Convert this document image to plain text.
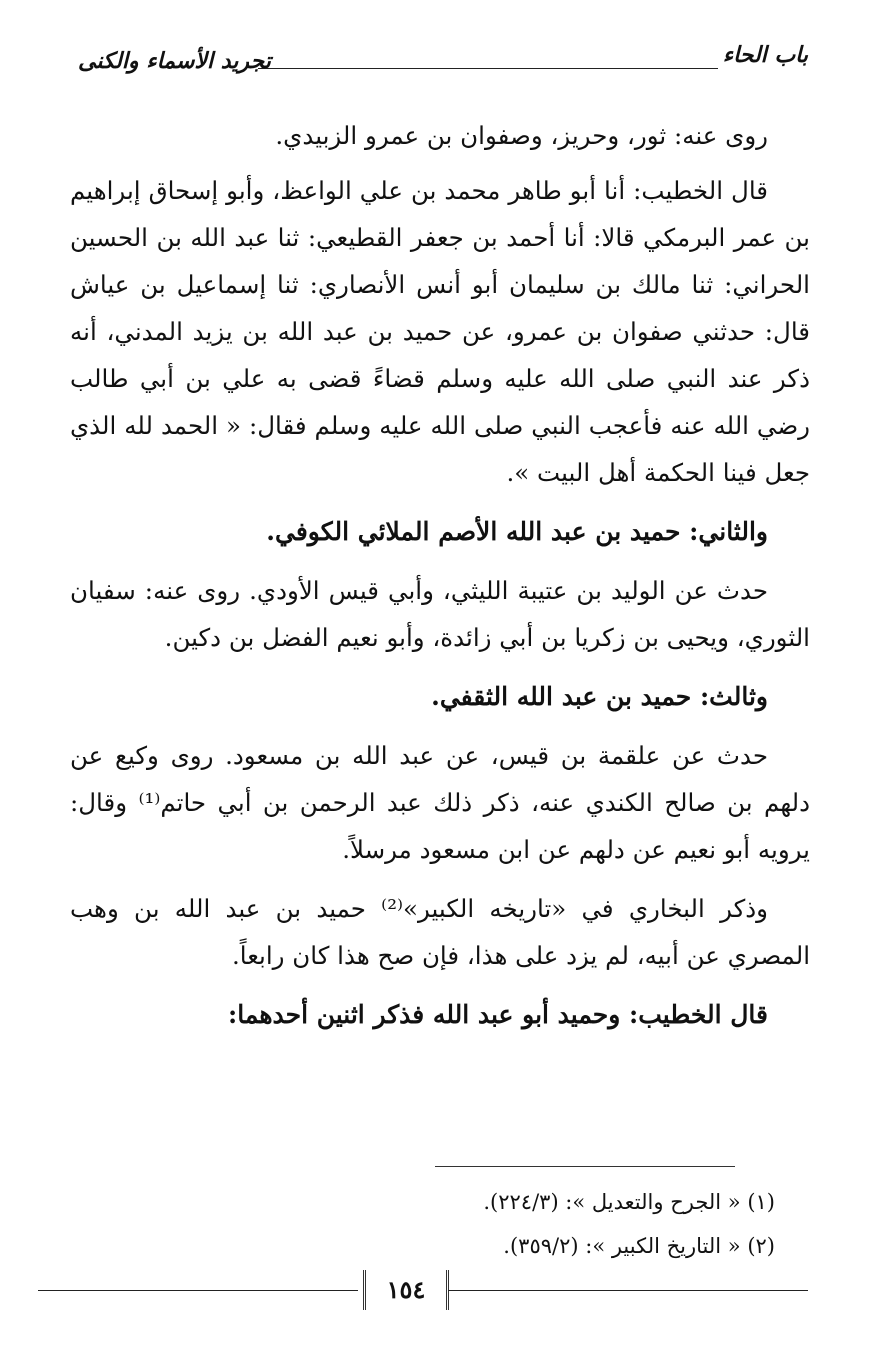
باب الحاء
تجريد الأسماء والكنى

روى عنه: ثور، وحريز، وصفوان بن عمرو الزبيدي.

قال الخطيب: أنا أبو طاهر محمد بن علي الواعظ، وأبو إسحاق إبراهيم بن عمر البرمكي قالا: أنا أحمد بن جعفر القطيعي: ثنا عبد الله بن الحسين الحراني: ثنا مالك بن سليمان أبو أنس الأنصاري: ثنا إسماعيل بن عياش قال: حدثني صفوان بن عمرو، عن حميد بن عبد الله بن يزيد المدني، أنه ذكر عند النبي صلى الله عليه وسلم قضاءً قضى به علي بن أبي طالب رضي الله عنه فأعجب النبي صلى الله عليه وسلم فقال: « الحمد لله الذي جعل فينا الحكمة أهل البيت ».

والثاني: حميد بن عبد الله الأصم الملائي الكوفي.

حدث عن الوليد بن عتيبة الليثي، وأبي قيس الأودي. روى عنه: سفيان الثوري، ويحيى بن زكريا بن أبي زائدة، وأبو نعيم الفضل بن دكين.

وثالث: حميد بن عبد الله الثقفي.

حدث عن علقمة بن قيس، عن عبد الله بن مسعود. روى وكيع عن دلهم بن صالح الكندي عنه، ذكر ذلك عبد الرحمن بن أبي حاتم⁽¹⁾ وقال: يرويه أبو نعيم عن دلهم عن ابن مسعود مرسلاً.

وذكر البخاري في «تاريخه الكبير»⁽²⁾ حميد بن عبد الله بن وهب المصري عن أبيه، لم يزد على هذا، فإن صح هذا كان رابعاً.

قال الخطيب: وحميد أبو عبد الله فذكر اثنين أحدهما:

(١) « الجرح والتعديل »: (٢٢٤/٣).

(٢) « التاريخ الكبير »: (٣٥٩/٢).

١٥٤
